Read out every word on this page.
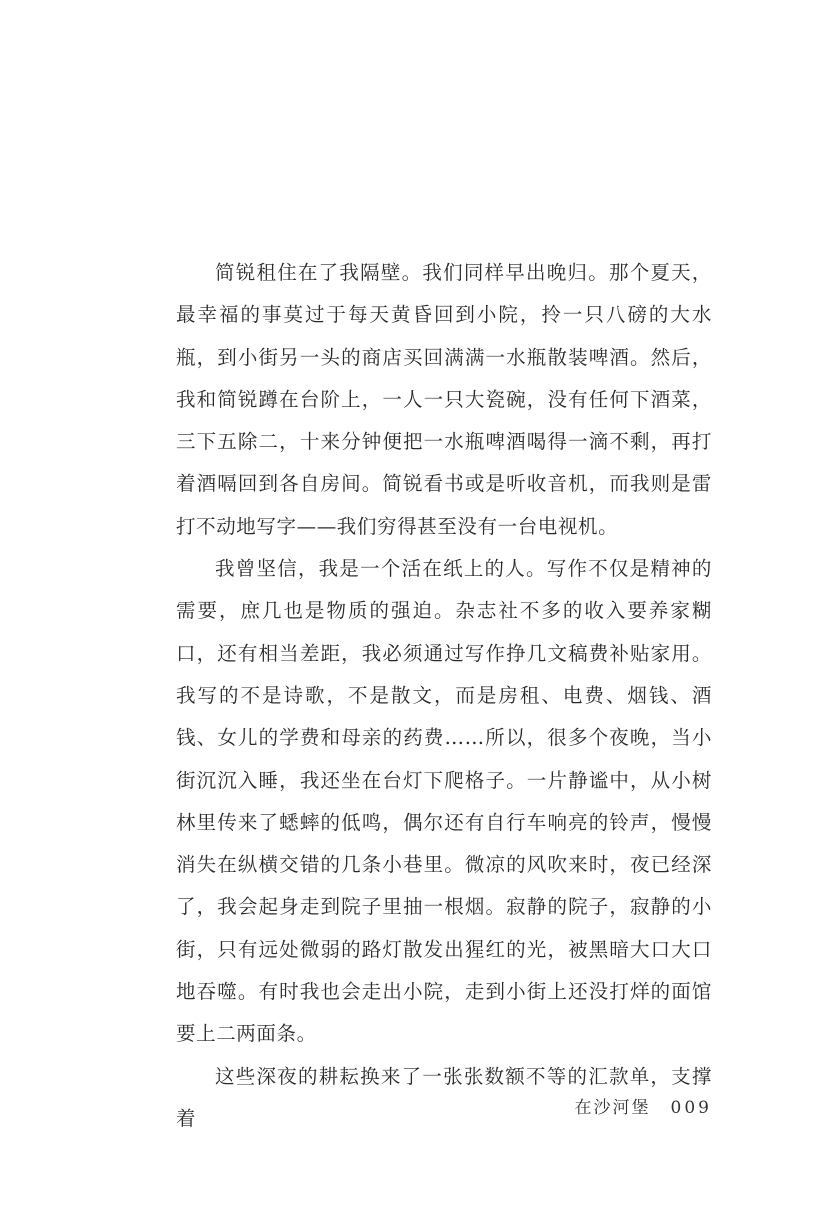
简锐租住在了我隔壁。我们同样早出晚归。那个夏天，最幸福的事莫过于每天黄昏回到小院，拎一只八磅的大水瓶，到小街另一头的商店买回满满一水瓶散装啤酒。然后，我和简锐蹲在台阶上，一人一只大瓷碗，没有任何下酒菜，三下五除二，十来分钟便把一水瓶啤酒喝得一滴不剩，再打着酒嗝回到各自房间。简锐看书或是听收音机，而我则是雷打不动地写字——我们穷得甚至没有一台电视机。

我曾坚信，我是一个活在纸上的人。写作不仅是精神的需要，庶几也是物质的强迫。杂志社不多的收入要养家糊口，还有相当差距，我必须通过写作挣几文稿费补贴家用。我写的不是诗歌，不是散文，而是房租、电费、烟钱、酒钱、女儿的学费和母亲的药费……所以，很多个夜晚，当小街沉沉入睡，我还坐在台灯下爬格子。一片静谧中，从小树林里传来了蟋蟀的低鸣，偶尔还有自行车响亮的铃声，慢慢消失在纵横交错的几条小巷里。微凉的风吹来时，夜已经深了，我会起身走到院子里抽一根烟。寂静的院子，寂静的小街，只有远处微弱的路灯散发出猩红的光，被黑暗大口大口地吞噬。有时我也会走出小院，走到小街上还没打烊的面馆要上二两面条。

这些深夜的耕耘换来了一张张数额不等的汇款单，支撑着	在沙河堡 009
